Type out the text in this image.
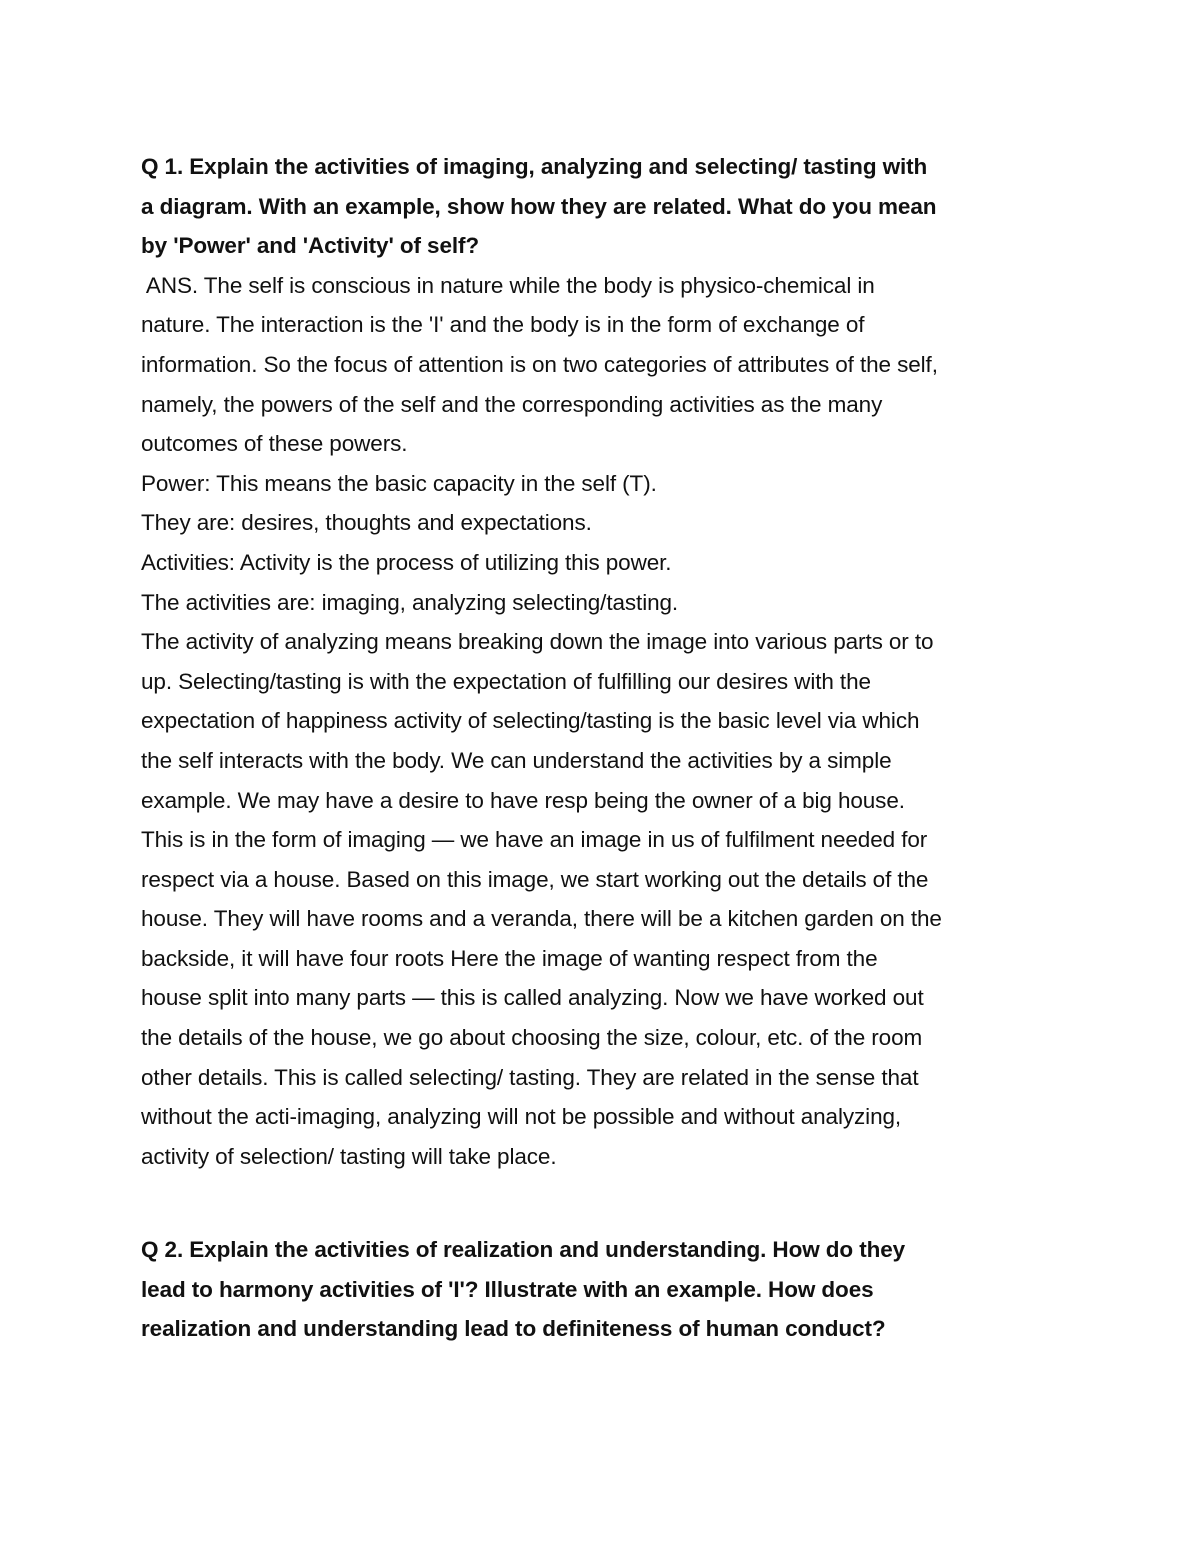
Q 1. Explain the activities of imaging, analyzing and selecting/ tasting with
a diagram. With an example, show how they are related. What do you mean
by 'Power' and 'Activity' of self?
ANS. The self is conscious in nature while the body is physico-chemical in
nature. The interaction is the 'I' and the body is in the form of exchange of
information. So the focus of attention is on two categories of attributes of the self,
namely, the powers of the self and the corresponding activities as the many
outcomes of these powers.
Power: This means the basic capacity in the self (T).
They are: desires, thoughts and expectations.
Activities: Activity is the process of utilizing this power.
The activities are: imaging, analyzing selecting/tasting.
The activity of analyzing means breaking down the image into various parts or to
up. Selecting/tasting is with the expectation of fulfilling our desires with the
expectation of happiness activity of selecting/tasting is the basic level via which
the self interacts with the body. We can understand the activities by a simple
example. We may have a desire to have resp being the owner of a big house.
This is in the form of imaging — we have an image in us of fulfilment needed for
respect via a house. Based on this image, we start working out the details of the
house. They will have rooms and a veranda, there will be a kitchen garden on the
backside, it will have four roots Here the image of wanting respect from the
house split into many parts — this is called analyzing. Now we have worked out
the details of the house, we go about choosing the size, colour, etc. of the room
other details. This is called selecting/ tasting. They are related in the sense that
without the acti-imaging, analyzing will not be possible and without analyzing,
activity of selection/ tasting will take place.
Q 2. Explain the activities of realization and understanding. How do they
lead to harmony activities of 'I'? Illustrate with an example. How does
realization and understanding lead to definiteness of human conduct?
